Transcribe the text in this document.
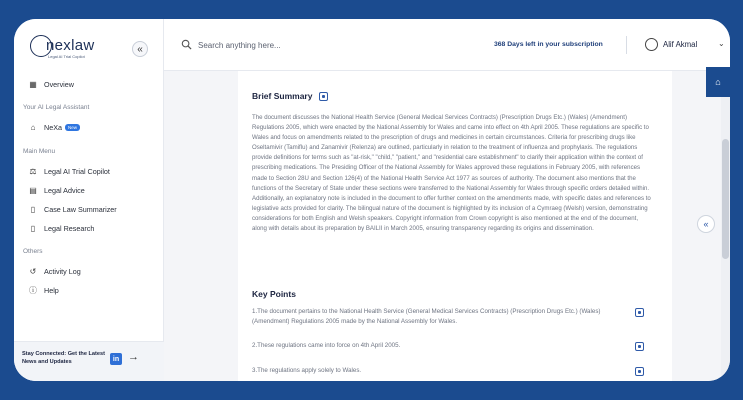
nexlaw
Legal AI Trial Copilot
«
▦ Overview
Your AI Legal Assistant
⌂	NeXa	New
Main Menu
⚖ Legal AI Trial Copilot
▤ Legal Advice
▯	Case Law Summarizer
▯	Legal Research
Others
↺ Activity Log
ⓘ Help
Stay Connected: Get the Latest News and Updates	in →
Search anything here...
368 Days left in your subscription	Alif Akmal	⌄
Brief Summary
The document discusses the National Health Service (General Medical Services Contracts) (Prescription Drugs Etc.) (Wales) (Amendment) Regulations 2005, which were enacted by the National Assembly for Wales and came into effect on 4th April 2005. These regulations are specific to Wales and focus on amendments related to the prescription of drugs and medicines in certain circumstances. Criteria for prescribing drugs like Oseltamivir (Tamiflu) and Zanamivir (Relenza) are outlined, particularly in relation to the treatment of influenza and prophylaxis. The regulations provide definitions for terms such as "at-risk," "child," "patient," and "residential care establishment" to clarify their application within the context of prescribing medications. The Presiding Officer of the National Assembly for Wales approved these regulations in February 2005, with references made to Section 28U and Section 126(4) of the National Health Service Act 1977 as sources of authority. The document also mentions that the functions of the Secretary of State under these sections were transferred to the National Assembly for Wales through specific orders detailed within. Additionally, an explanatory note is included in the document to offer further context on the amendments made, with specific dates and references to legislative acts provided for clarity. The bilingual nature of the document is highlighted by its inclusion of a Cymraeg (Welsh) version, demonstrating considerations for both English and Welsh speakers. Copyright information from Crown copyright is also mentioned at the end of the document, along with details about its preparation by BAILII in March 2005, ensuring transparency regarding its origins and dissemination.
Key Points
1.The document pertains to the National Health Service (General Medical Services Contracts) (Prescription Drugs Etc.) (Wales) (Amendment) Regulations 2005 made by the National Assembly for Wales.
2.These regulations came into force on 4th April 2005.
3.The regulations apply solely to Wales.
⌂
«
